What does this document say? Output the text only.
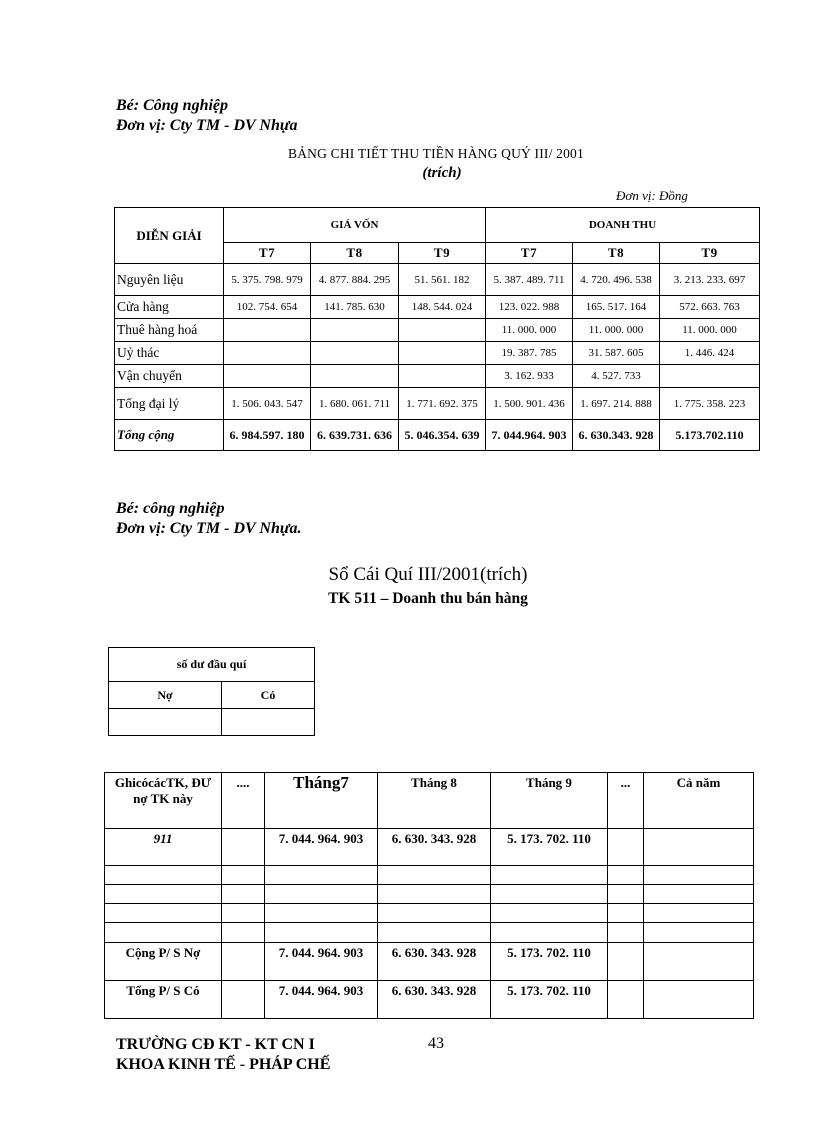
Bé: Công nghiệp
Đơn vị: Cty TM - DV Nhựa
BẢNG CHI TIẾT THU TIỀN HÀNG QUÝ III/ 2001
(trích)
Đơn vị: Đồng
DIỄN GIẢI	GIÁ VỐN			DOANH THU		
	T7	T8	T9	T7	T8	T9
Nguyên liệu	5. 375. 798. 979	4. 877. 884. 295	51. 561. 182	5. 387. 489. 711	4. 720. 496. 538	3. 213. 233. 697
Cửa hàng	102. 754. 654	141. 785. 630	148. 544. 024	123. 022. 988	165. 517. 164	572. 663. 763
Thuê hàng hoá				11. 000. 000	11. 000. 000	11. 000. 000
Uỷ thác				19. 387. 785	31. 587. 605	1. 446. 424
Vận chuyển				3. 162. 933	4. 527. 733	
Tổng đại lý	1. 506. 043. 547	1. 680. 061. 711	1. 771. 692. 375	1. 500. 901. 436	1. 697. 214. 888	1. 775. 358. 223
Tổng cộng	6. 984.597. 180	6. 639.731. 636	5. 046.354. 639	7. 044.964. 903	6. 630.343. 928	5.173.702.110
Bé: công nghiệp
Đơn vị: Cty TM - DV Nhựa.
Sổ Cái Quí III/2001(trích)
TK 511 – Doanh thu bán hàng
số dư đầu quí	
Nợ	Có

GhicócácTK, ĐƯ nợ TK này	....	Tháng7	Tháng 8	Tháng 9	...	Cả năm
911		7. 044. 964. 903	6. 630. 343. 928	5. 173. 702. 110		

Cộng P/ S Nợ		7. 044. 964. 903	6. 630. 343. 928	5. 173. 702. 110		
Tổng P/ S Có		7. 044. 964. 903	6. 630. 343. 928	5. 173. 702. 110		
TRƯỜNG CĐ KT - KT CN I
KHOA KINH TẾ - PHÁP CHẾ
43
